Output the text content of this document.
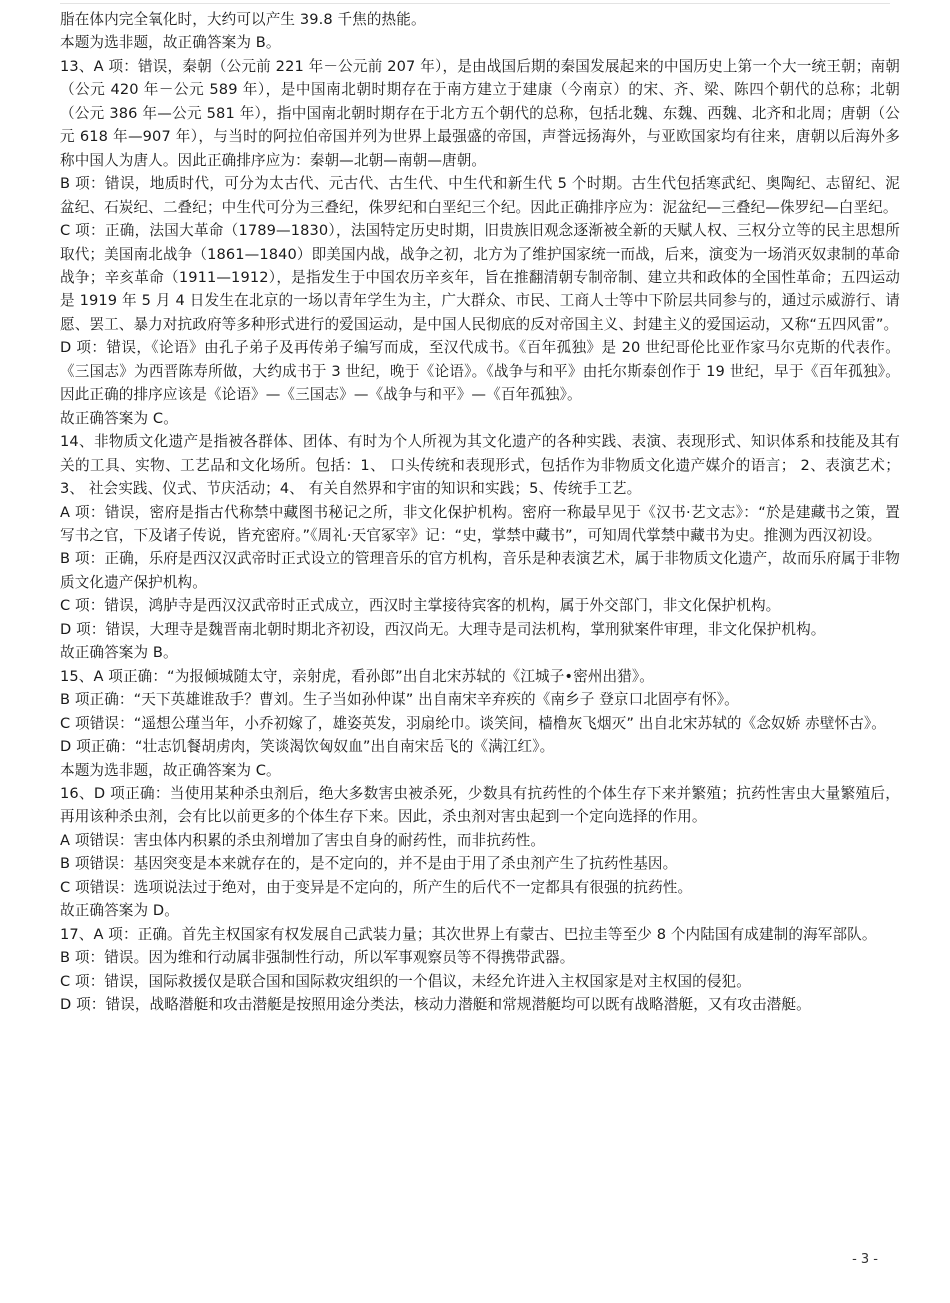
脂在体内完全氧化时，大约可以产生 39.8 千焦的热能。

本题为选非题，故正确答案为 B。

13、A 项：错误，秦朝（公元前 221 年－公元前 207 年），是由战国后期的秦国发展起来的中国历史上第一个大一统王朝；南朝（公元 420 年－公元 589 年），是中国南北朝时期存在于南方建立于建康（今南京）的宋、齐、梁、陈四个朝代的总称；北朝（公元 386 年—公元 581 年），指中国南北朝时期存在于北方五个朝代的总称，包括北魏、东魏、西魏、北齐和北周；唐朝（公元 618 年—907 年），与当时的阿拉伯帝国并列为世界上最强盛的帝国，声誉远扬海外，与亚欧国家均有往来，唐朝以后海外多称中国人为唐人。因此正确排序应为：秦朝—北朝—南朝—唐朝。

B 项：错误，地质时代，可分为太古代、元古代、古生代、中生代和新生代 5 个时期。古生代包括寒武纪、奥陶纪、志留纪、泥盆纪、石炭纪、二叠纪；中生代可分为三叠纪，侏罗纪和白垩纪三个纪。因此正确排序应为：泥盆纪—三叠纪—侏罗纪—白垩纪。

C 项：正确，法国大革命（1789—1830），法国特定历史时期，旧贵族旧观念逐渐被全新的天赋人权、三权分立等的民主思想所取代；美国南北战争（1861—1840）即美国内战，战争之初，北方为了维护国家统一而战，后来，演变为一场消灭奴隶制的革命战争；辛亥革命（1911—1912），是指发生于中国农历辛亥年，旨在推翻清朝专制帝制、建立共和政体的全国性革命；五四运动是 1919 年 5 月 4 日发生在北京的一场以青年学生为主，广大群众、市民、工商人士等中下阶层共同参与的，通过示威游行、请愿、罢工、暴力对抗政府等多种形式进行的爱国运动，是中国人民彻底的反对帝国主义、封建主义的爱国运动，又称“五四风雷”。

D 项：错误，《论语》由孔子弟子及再传弟子编写而成，至汉代成书。《百年孤独》是 20 世纪哥伦比亚作家马尔克斯的代表作。《三国志》为西晋陈寿所做，大约成书于 3 世纪，晚于《论语》。《战争与和平》由托尔斯泰创作于 19 世纪，早于《百年孤独》。因此正确的排序应该是《论语》—《三国志》—《战争与和平》—《百年孤独》。

故正确答案为 C。

14、非物质文化遗产是指被各群体、团体、有时为个人所视为其文化遗产的各种实践、表演、表现形式、知识体系和技能及其有关的工具、实物、工艺品和文化场所。包括：1、 口头传统和表现形式，包括作为非物质文化遗产媒介的语言； 2、表演艺术；3、 社会实践、仪式、节庆活动；4、 有关自然界和宇宙的知识和实践；5、传统手工艺。

A 项：错误，密府是指古代称禁中藏图书秘记之所，非文化保护机构。密府一称最早见于《汉书·艺文志》：“於是建藏书之策，置写书之官，下及诸子传说，皆充密府。”《周礼·天官冢宰》记：“史，掌禁中藏书”，可知周代掌禁中藏书为史。推测为西汉初设。

B 项：正确，乐府是西汉汉武帝时正式设立的管理音乐的官方机构，音乐是种表演艺术，属于非物质文化遗产，故而乐府属于非物质文化遗产保护机构。

C 项：错误，鸿胪寺是西汉汉武帝时正式成立，西汉时主掌接待宾客的机构，属于外交部门，非文化保护机构。

D 项：错误，大理寺是魏晋南北朝时期北齐初设，西汉尚无。大理寺是司法机构，掌刑狱案件审理，非文化保护机构。

故正确答案为 B。

15、A 项正确：“为报倾城随太守，亲射虎，看孙郎”出自北宋苏轼的《江城子•密州出猎》。

B 项正确：“天下英雄谁敌手？曹刘。生子当如孙仲谋” 出自南宋辛弃疾的《南乡子 登京口北固亭有怀》。

C 项错误：“遥想公瑾当年，小乔初嫁了，雄姿英发，羽扇纶巾。谈笑间，樯橹灰飞烟灭” 出自北宋苏轼的《念奴娇 赤壁怀古》。

D 项正确：“壮志饥餐胡虏肉，笑谈渴饮匈奴血”出自南宋岳飞的《满江红》。

本题为选非题，故正确答案为 C。

16、D 项正确：当使用某种杀虫剂后，绝大多数害虫被杀死，少数具有抗药性的个体生存下来并繁殖；抗药性害虫大量繁殖后，再用该种杀虫剂，会有比以前更多的个体生存下来。因此，杀虫剂对害虫起到一个定向选择的作用。

A 项错误：害虫体内积累的杀虫剂增加了害虫自身的耐药性，而非抗药性。

B 项错误：基因突变是本来就存在的，是不定向的，并不是由于用了杀虫剂产生了抗药性基因。

C 项错误：选项说法过于绝对，由于变异是不定向的，所产生的后代不一定都具有很强的抗药性。

故正确答案为 D。

17、A 项：正确。首先主权国家有权发展自己武装力量；其次世界上有蒙古、巴拉圭等至少 8 个内陆国有成建制的海军部队。

B 项：错误。因为维和行动属非强制性行动，所以军事观察员等不得携带武器。

C 项：错误，国际救援仅是联合国和国际救灾组织的一个倡议，未经允许进入主权国家是对主权国的侵犯。

D 项：错误，战略潜艇和攻击潜艇是按照用途分类法，核动力潜艇和常规潜艇均可以既有战略潜艇，又有攻击潜艇。

- 3 -
